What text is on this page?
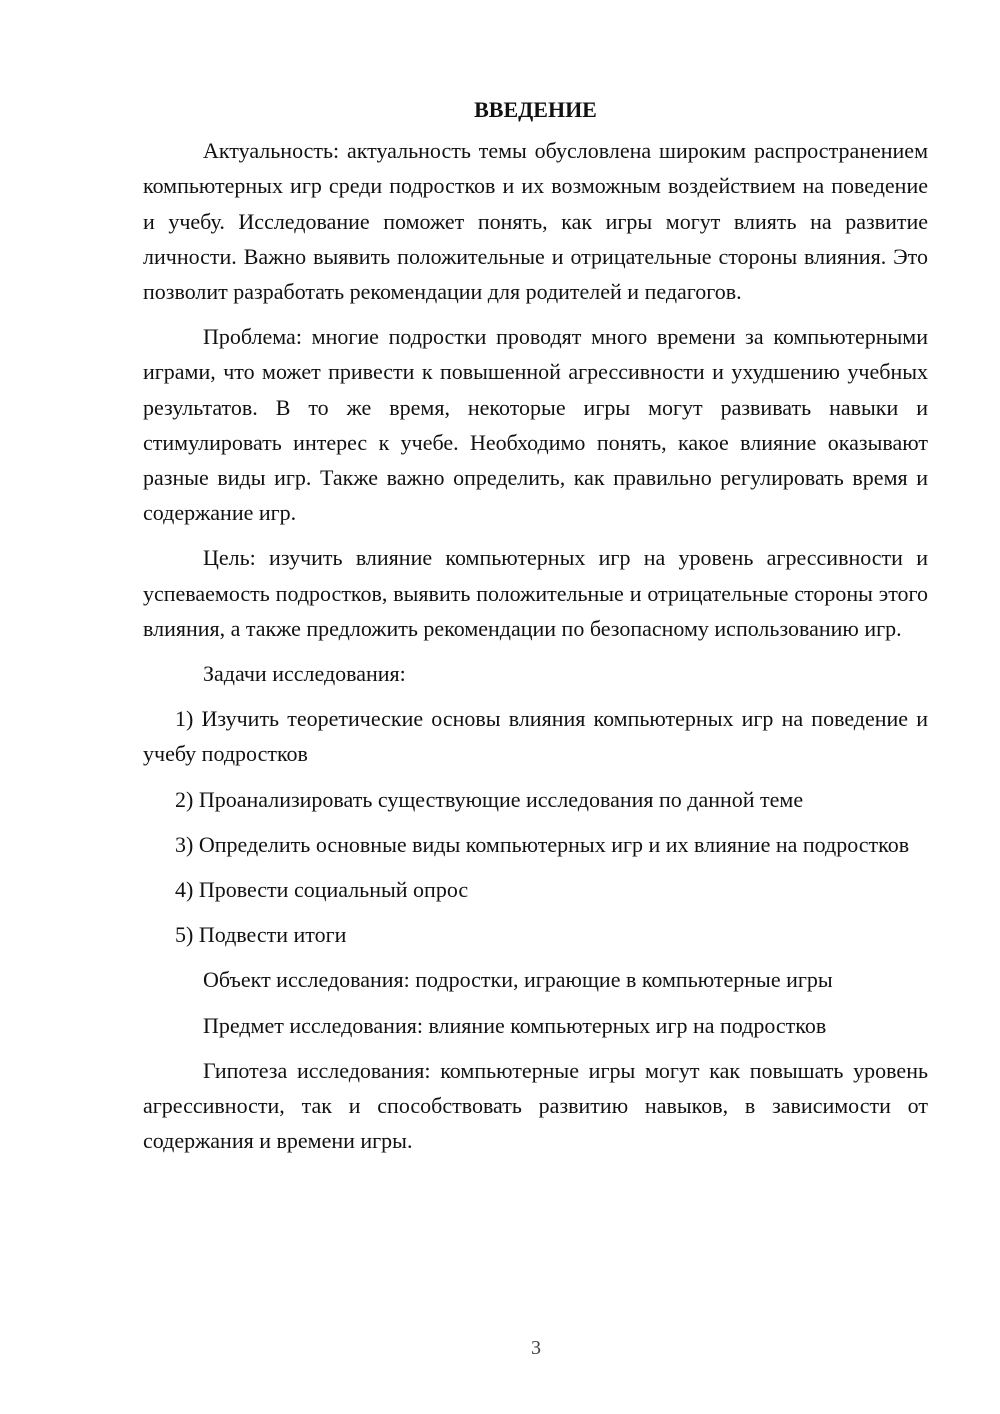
ВВЕДЕНИЕ

Актуальность: актуальность темы обусловлена широким распространением компьютерных игр среди подростков и их возможным воздействием на поведение и учебу. Исследование поможет понять, как игры могут влиять на развитие личности. Важно выявить положительные и отрицательные стороны влияния. Это позволит разработать рекомендации для родителей и педагогов.

Проблема: многие подростки проводят много времени за компьютерными играми, что может привести к повышенной агрессивности и ухудшению учебных результатов. В то же время, некоторые игры могут развивать навыки и стимулировать интерес к учебе. Необходимо понять, какое влияние оказывают разные виды игр. Также важно определить, как правильно регулировать время и содержание игр.

Цель: изучить влияние компьютерных игр на уровень агрессивности и успеваемость подростков, выявить положительные и отрицательные стороны этого влияния, а также предложить рекомендации по безопасному использованию игр.

Задачи исследования:

1) Изучить теоретические основы влияния компьютерных игр на поведение и учебу подростков

2) Проанализировать существующие исследования по данной теме

3) Определить основные виды компьютерных игр и их влияние на подростков

4) Провести социальный опрос

5) Подвести итоги

Объект исследования: подростки, играющие в компьютерные игры

Предмет исследования: влияние компьютерных игр на подростков

Гипотеза исследования: компьютерные игры могут как повышать уровень агрессивности, так и способствовать развитию навыков, в зависимости от содержания и времени игры.

3
